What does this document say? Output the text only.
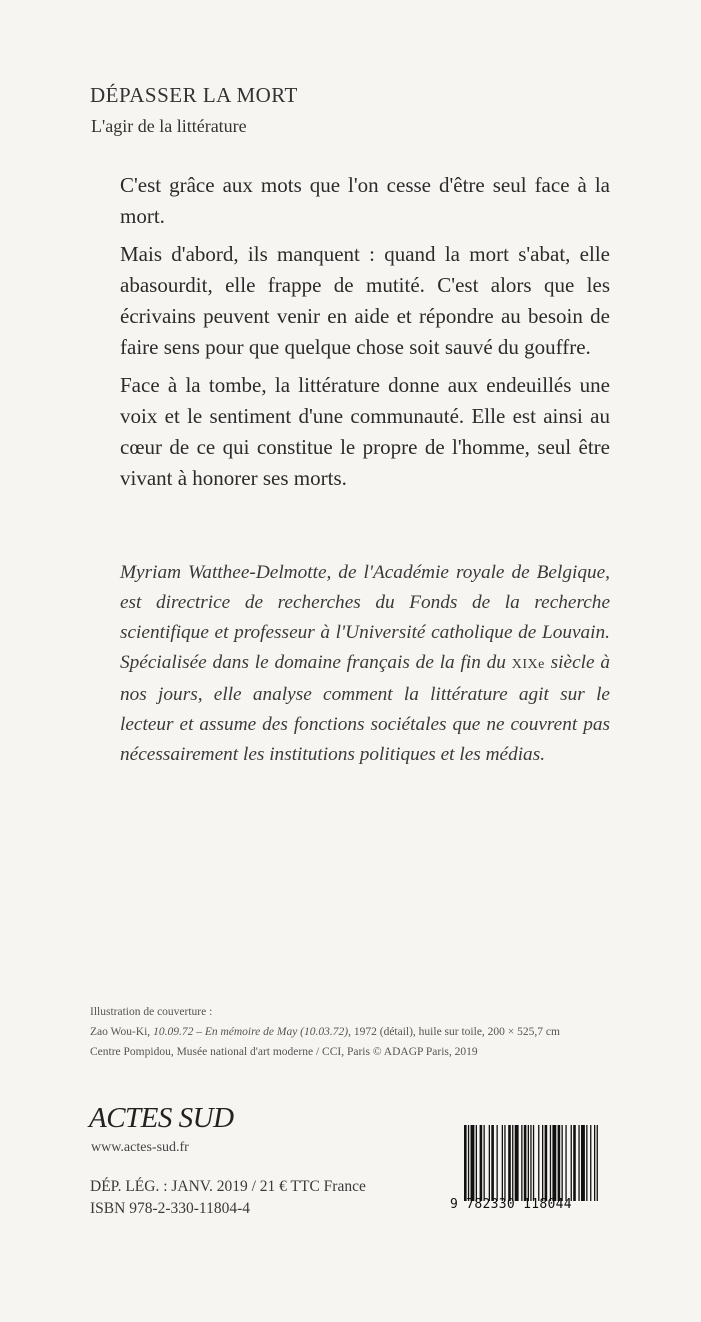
DÉPASSER LA MORT
L'agir de la littérature

C'est grâce aux mots que l'on cesse d'être seul face à la mort.

Mais d'abord, ils manquent : quand la mort s'abat, elle abasourdit, elle frappe de mutité. C'est alors que les écrivains peuvent venir en aide et répondre au besoin de faire sens pour que quelque chose soit sauvé du gouffre.

Face à la tombe, la littérature donne aux endeuillés une voix et le sentiment d'une communauté. Elle est ainsi au cœur de ce qui constitue le propre de l'homme, seul être vivant à honorer ses morts.

Myriam Watthee-Delmotte, de l'Académie royale de Belgique, est directrice de recherches du Fonds de la recherche scientifique et professeur à l'Université catholique de Louvain. Spécialisée dans le domaine français de la fin du XIXe siècle à nos jours, elle analyse comment la littérature agit sur le lecteur et assume des fonctions sociétales que ne couvrent pas nécessairement les institutions politiques et les médias.
Illustration de couverture :
Zao Wou-Ki, 10.09.72 – En mémoire de May (10.03.72), 1972 (détail), huile sur toile, 200 × 525,7 cm
Centre Pompidou, Musée national d'art moderne / CCI, Paris © ADAGP Paris, 2019
ACTES SUD
www.actes-sud.fr
DÉP. LÉG. : JANV. 2019 / 21 € TTC France
ISBN 978-2-330-11804-4	9 782330 118044
